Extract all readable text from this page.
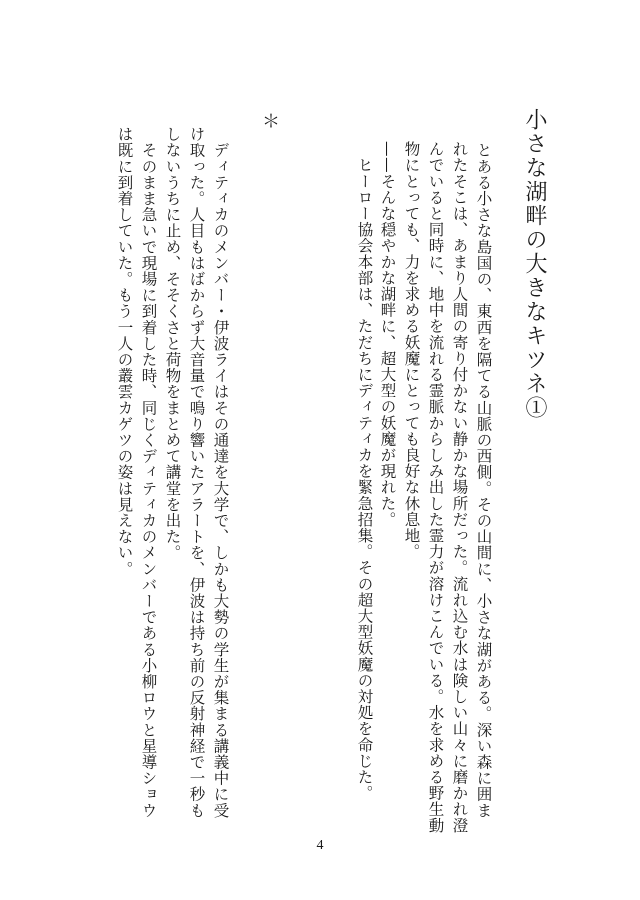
小さな湖畔の大きなキツネ①
　とある小さな島国の、東西を隔てる山脈の西側。その山間に、小さな湖がある。深い森に囲ま
れたそこは、あまり人間の寄り付かない静かな場所だった。流れ込む水は険しい山々に磨かれ澄
んでいると同時に、地中を流れる霊脈からしみ出した霊力が溶けこんでいる。水を求める野生動
物にとっても、力を求める妖魔にとっても良好な休息地。
——そんな穏やかな湖畔に、超大型の妖魔が現れた。
　ヒーロー協会本部は、ただちにディティカを緊急招集。その超大型妖魔の対処を命じた。
＊
　ディティカのメンバー・伊波ライはその通達を大学で、しかも大勢の学生が集まる講義中に受
け取った。人目もはばからず大音量で鳴り響いたアラートを、伊波は持ち前の反射神経で一秒も
しないうちに止め、そそくさと荷物をまとめて講堂を出た。
　そのまま急いで現場に到着した時、同じくディティカのメンバーである小柳ロウと星導ショウ
は既に到着していた。もう一人の叢雲カゲツの姿は見えない。
4
